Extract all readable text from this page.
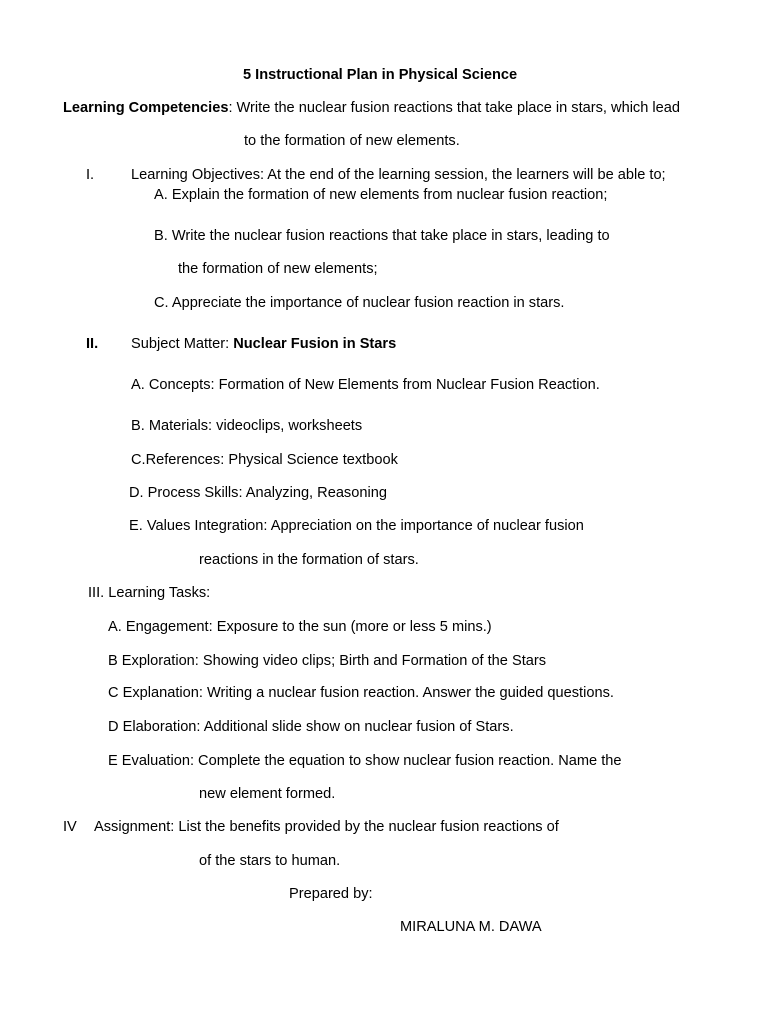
5 Instructional Plan in Physical Science
Learning Competencies: Write the nuclear fusion reactions that take place in stars, which lead
to the formation of new elements.
I.	Learning Objectives: At the end of the learning session, the learners will be able to;
A. Explain the formation of new elements from nuclear fusion reaction;
B. Write the nuclear fusion reactions that take place in stars, leading to
the formation of new elements;
C. Appreciate the importance of nuclear fusion reaction in stars.
II. Subject Matter: Nuclear Fusion in Stars
A. Concepts: Formation of New Elements from Nuclear Fusion Reaction.
B. Materials: videoclips, worksheets
C.References: Physical Science textbook
D. Process Skills: Analyzing, Reasoning
E. Values Integration: Appreciation on the importance of nuclear fusion
reactions in the formation of stars.
III. Learning Tasks:
A. Engagement: Exposure to the sun (more or less 5 mins.)
B Exploration: Showing video clips; Birth and Formation of the Stars
C Explanation: Writing a nuclear fusion reaction. Answer the guided questions.
D Elaboration: Additional slide show on nuclear fusion of Stars.
E Evaluation: Complete the equation to show nuclear fusion reaction. Name the
new element formed.
IV Assignment: List the benefits provided by the nuclear fusion reactions of
of the stars to human.
Prepared by:
MIRALUNA M. DAWA
